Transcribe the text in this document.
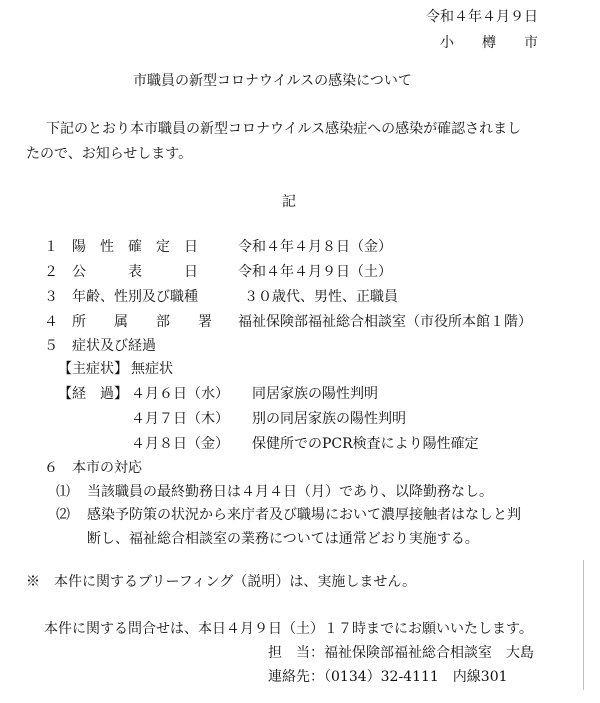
令和４年４月９日
小　　樽　　市
市職員の新型コロナウイルスの感染について
下記のとおり本市職員の新型コロナウイルス感染症への感染が確認されまし
たので、お知らせします。
記
１ 陽　性　確　定　日	令和４年４月８日（金）
２ 公　　　表　　　日	令和４年４月９日（土）
３ 年齢、性別及び職種	３０歳代、男性、正職員
４ 所　　属　　部　　署 福祉保険部福祉総合相談室（市役所本館１階）
５ 症状及び経過
【主症状】 無症状
【経　過】 ４月６日（水） 同居家族の陽性判明
４月７日（木） 別の同居家族の陽性判明
４月８日（金） 保健所でのPCR検査により陽性確定
６ 本市の対応
⑴ 当該職員の最終勤務日は４月４日（月）であり、以降勤務なし。
⑵ 感染予防策の状況から来庁者及び職場において濃厚接触者はなしと判
断し、福祉総合相談室の業務については通常どおり実施する。
※　本件に関するブリーフィング（説明）は、実施しません。
本件に関する問合せは、本日４月９日（土）１７時までにお願いいたします。
担　当：福祉保険部福祉総合相談室　大島
連絡先：（0134）32-4111　内線301
